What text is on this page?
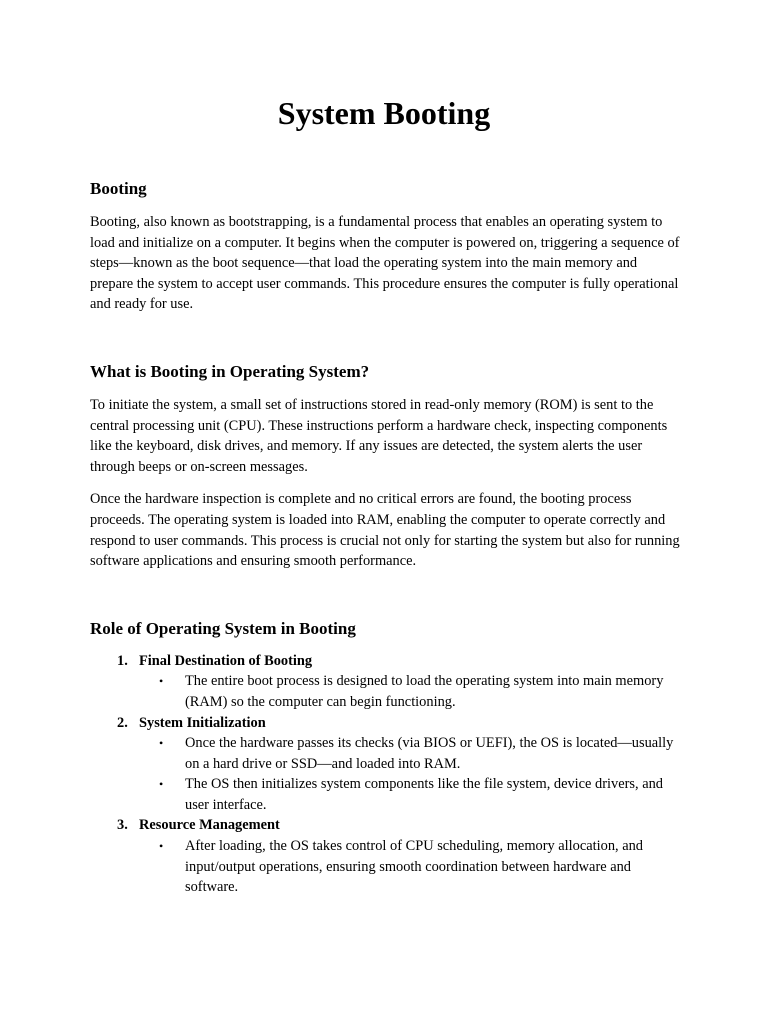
System Booting
Booting

Booting, also known as bootstrapping, is a fundamental process that enables an operating system to load and initialize on a computer. It begins when the computer is powered on, triggering a sequence of steps—known as the boot sequence—that load the operating system into the main memory and prepare the system to accept user commands. This procedure ensures the computer is fully operational and ready for use.

What is Booting in Operating System?

To initiate the system, a small set of instructions stored in read-only memory (ROM) is sent to the central processing unit (CPU). These instructions perform a hardware check, inspecting components like the keyboard, disk drives, and memory. If any issues are detected, the system alerts the user through beeps or on-screen messages.

Once the hardware inspection is complete and no critical errors are found, the booting process proceeds. The operating system is loaded into RAM, enabling the computer to operate correctly and respond to user commands. This process is crucial not only for starting the system but also for running software applications and ensuring smooth performance.

Role of Operating System in Booting
1. Final Destination of Booting
• The entire boot process is designed to load the operating system into main memory (RAM) so the computer can begin functioning.
2. System Initialization
• Once the hardware passes its checks (via BIOS or UEFI), the OS is located—usually on a hard drive or SSD—and loaded into RAM.
• The OS then initializes system components like the file system, device drivers, and user interface.
3. Resource Management
• After loading, the OS takes control of CPU scheduling, memory allocation, and input/output operations, ensuring smooth coordination between hardware and software.
